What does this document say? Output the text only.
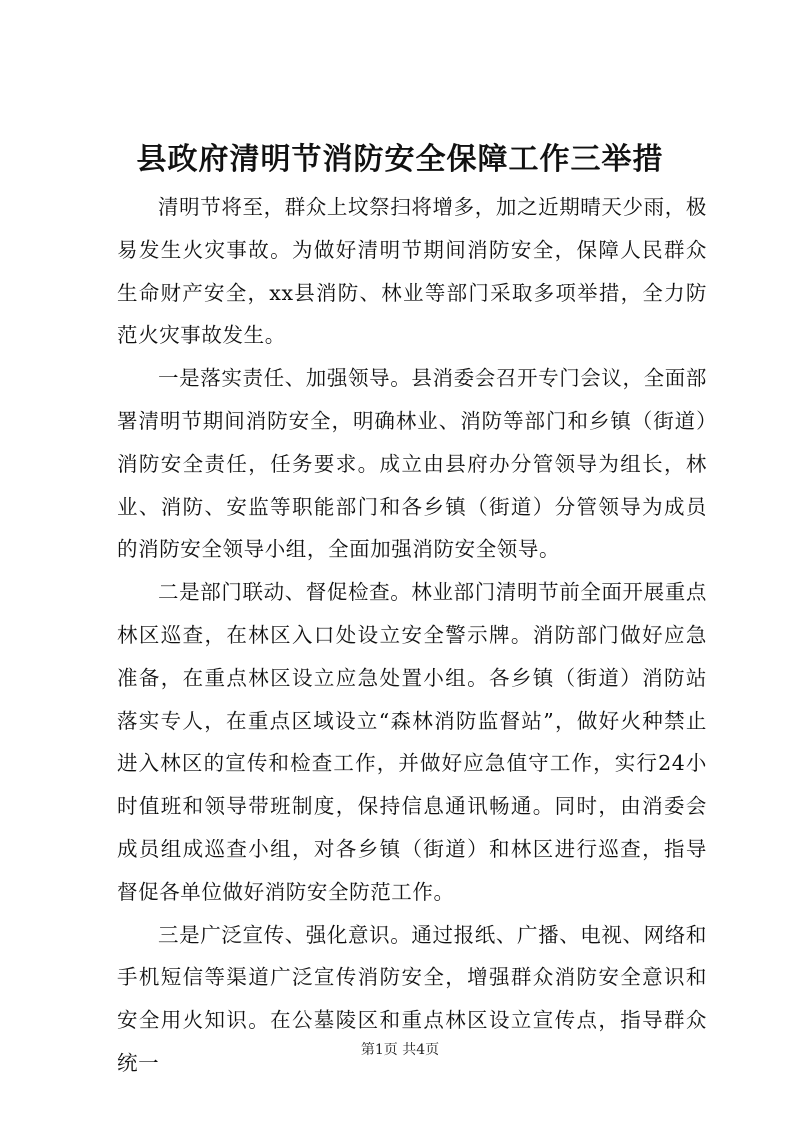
县政府清明节消防安全保障工作三举措

清明节将至，群众上坟祭扫将增多，加之近期晴天少雨，极易发生火灾事故。为做好清明节期间消防安全，保障人民群众生命财产安全，xx县消防、林业等部门采取多项举措，全力防范火灾事故发生。

一是落实责任、加强领导。县消委会召开专门会议，全面部署清明节期间消防安全，明确林业、消防等部门和乡镇（街道）消防安全责任，任务要求。成立由县府办分管领导为组长，林业、消防、安监等职能部门和各乡镇（街道）分管领导为成员的消防安全领导小组，全面加强消防安全领导。

二是部门联动、督促检查。林业部门清明节前全面开展重点林区巡查，在林区入口处设立安全警示牌。消防部门做好应急准备，在重点林区设立应急处置小组。各乡镇（街道）消防站落实专人，在重点区域设立“森林消防监督站”，做好火种禁止进入林区的宣传和检查工作，并做好应急值守工作，实行24小时值班和领导带班制度，保持信息通讯畅通。同时，由消委会成员组成巡查小组，对各乡镇（街道）和林区进行巡查，指导督促各单位做好消防安全防范工作。

三是广泛宣传、强化意识。通过报纸、广播、电视、网络和手机短信等渠道广泛宣传消防安全，增强群众消防安全意识和安全用火知识。在公墓陵区和重点林区设立宣传点，指导群众统一

第1页 共4页
